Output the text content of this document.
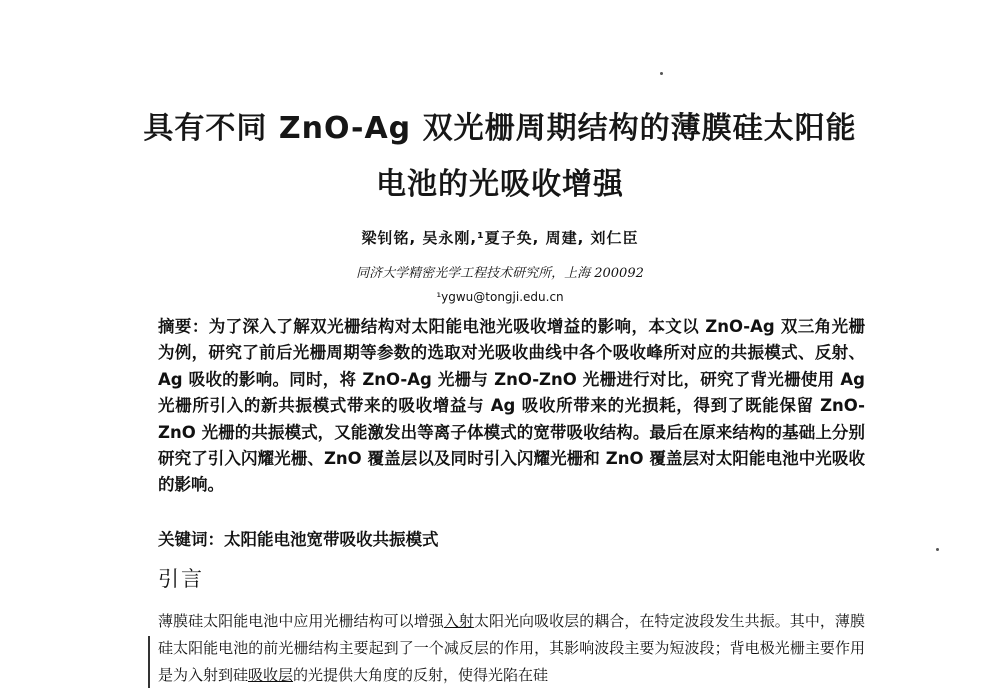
具有不同 ZnO-Ag 双光栅周期结构的薄膜硅太阳能
电池的光吸收增强
梁钊铭, 吴永刚,¹夏子奂, 周建, 刘仁臣
同济大学精密光学工程技术研究所，上海 200092
¹ygwu@tongji.edu.cn
摘要：为了深入了解双光栅结构对太阳能电池光吸收增益的影响，本文以 ZnO-Ag 双三角光栅为例，研究了前后光栅周期等参数的选取对光吸收曲线中各个吸收峰所对应的共振模式、反射、Ag 吸收的影响。同时，将 ZnO-Ag 光栅与 ZnO-ZnO 光栅进行对比，研究了背光栅使用 Ag 光栅所引入的新共振模式带来的吸收增益与 Ag 吸收所带来的光损耗，得到了既能保留 ZnO-ZnO 光栅的共振模式，又能激发出等离子体模式的宽带吸收结构。最后在原来结构的基础上分别研究了引入闪耀光栅、ZnO 覆盖层以及同时引入闪耀光栅和 ZnO 覆盖层对太阳能电池中光吸收的影响。
关键词：太阳能电池宽带吸收共振模式
引言
薄膜硅太阳能电池中应用光栅结构可以增强入射太阳光向吸收层的耦合，在特定波段发生共振。其中，薄膜硅太阳能电池的前光栅结构主要起到了一个减反层的作用，其影响波段主要为短波段；背电极光栅主要作用是为入射到硅吸收层的光提供大角度的反射，使得光陷在硅
